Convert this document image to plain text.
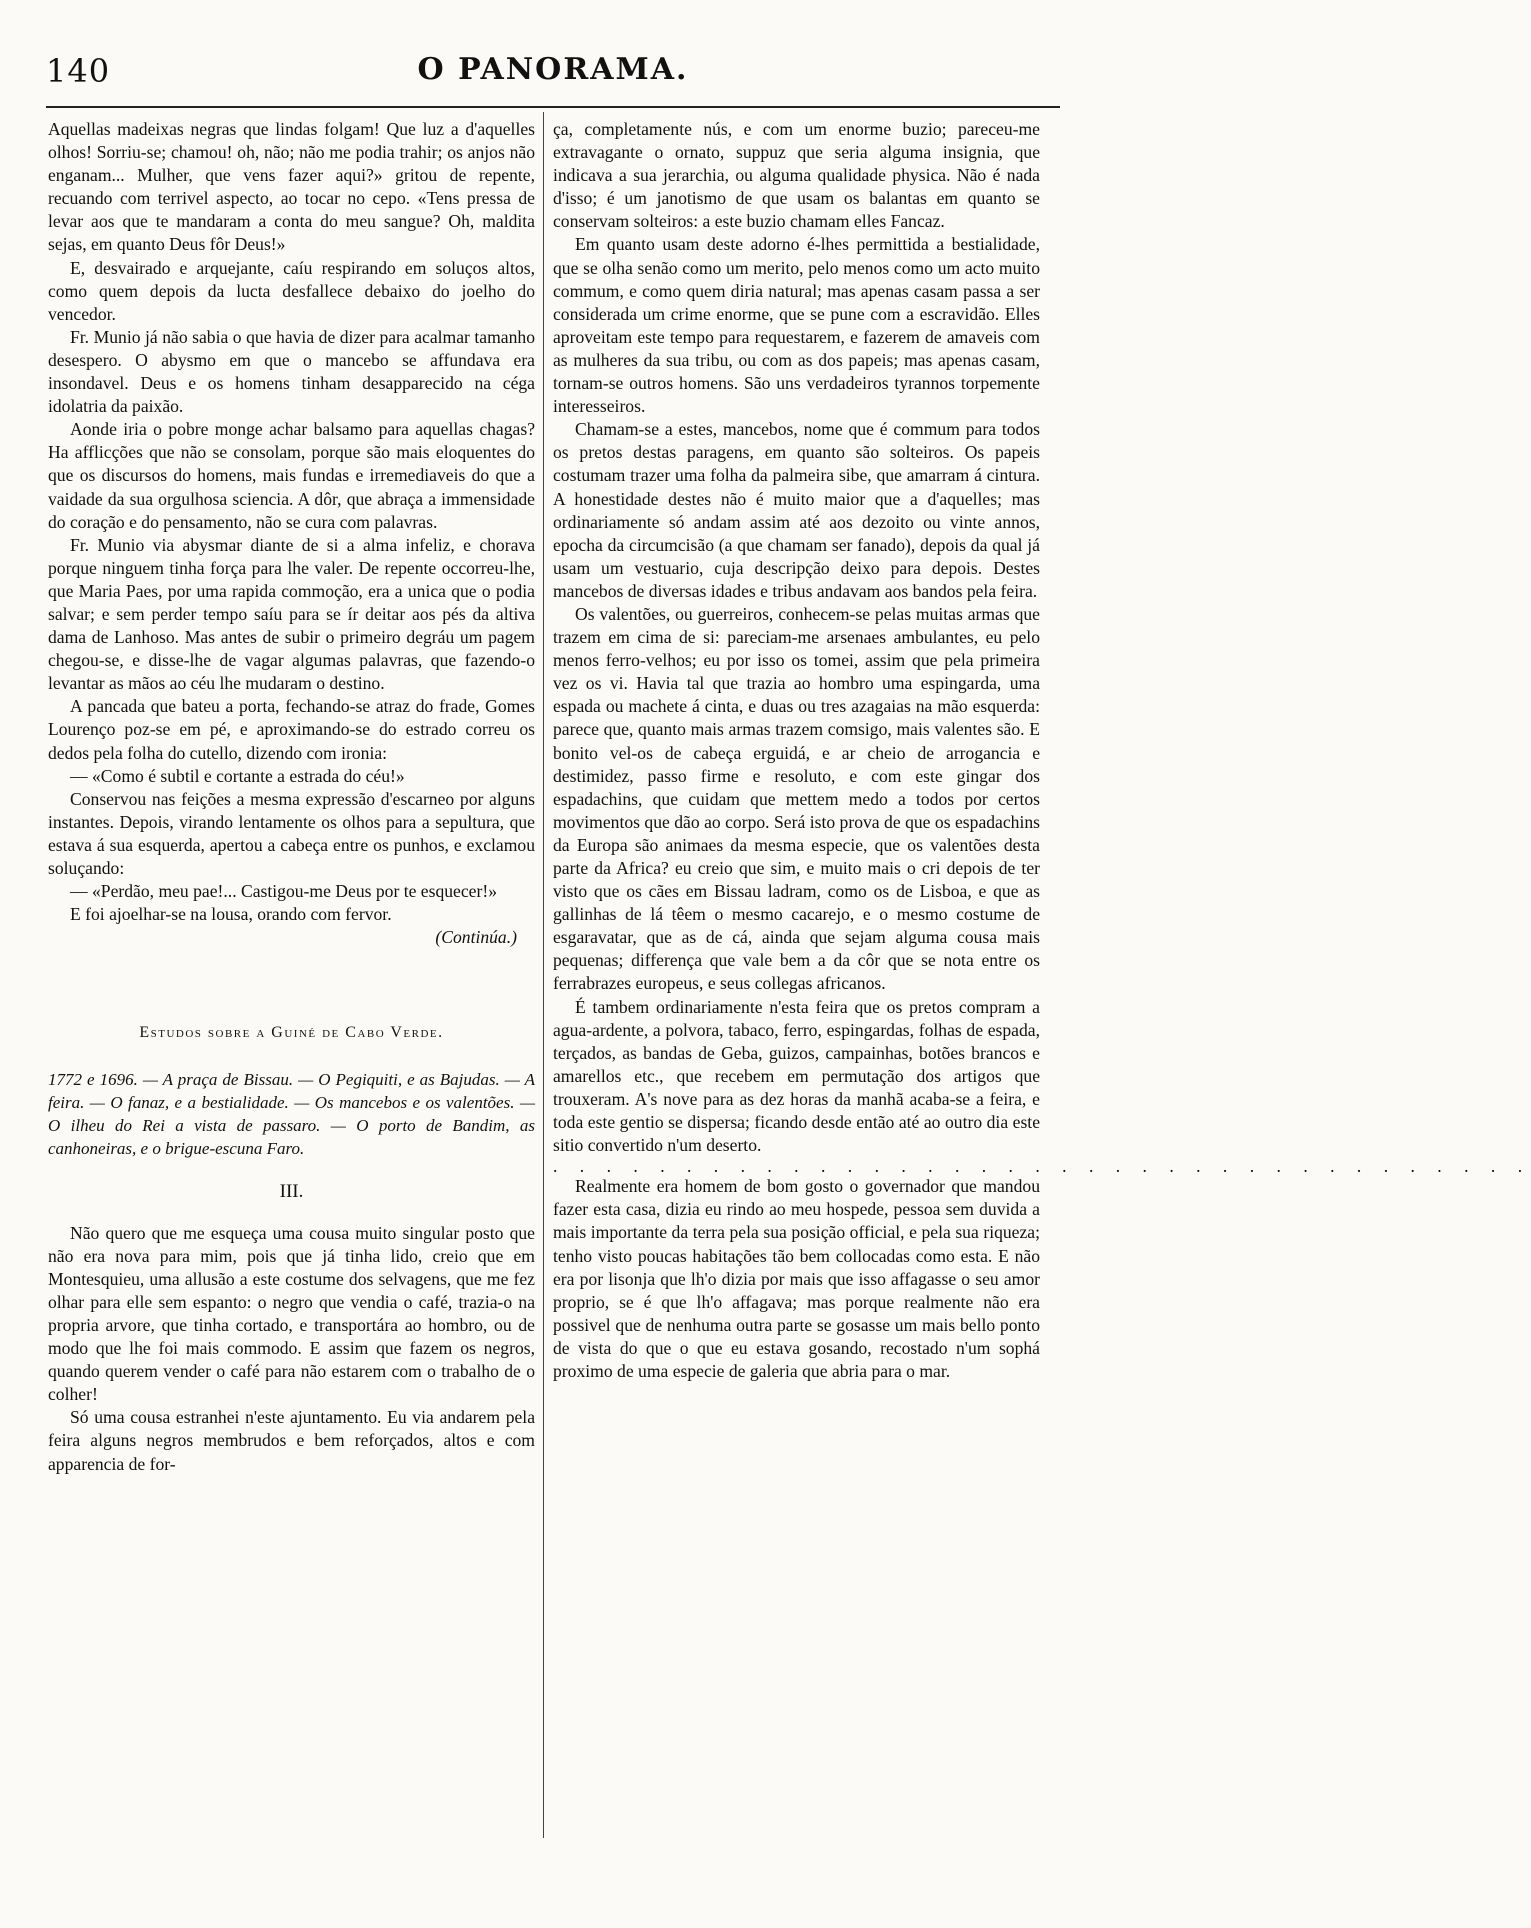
140	O PANORAMA.

Aquellas madeixas negras que lindas folgam! Que luz a d'aquelles olhos! Sorriu-se; chamou! oh, não; não me podia trahir; os anjos não enganam... Mulher, que vens fazer aqui?» gritou de repente, recuando com terrivel aspecto, ao tocar no cepo. «Tens pressa de levar aos que te mandaram a conta do meu sangue? Oh, maldita sejas, em quanto Deus fôr Deus!»

E, desvairado e arquejante, caíu respirando em soluços altos, como quem depois da lucta desfallece debaixo do joelho do vencedor.

Fr. Munio já não sabia o que havia de dizer para acalmar tamanho desespero. O abysmo em que o mancebo se affundava era insondavel. Deus e os homens tinham desapparecido na céga idolatria da paixão.

Aonde iria o pobre monge achar balsamo para aquellas chagas? Ha afflicções que não se consolam, porque são mais eloquentes do que os discursos do homens, mais fundas e irremediaveis do que a vaidade da sua orgulhosa sciencia. A dôr, que abraça a immensidade do coração e do pensamento, não se cura com palavras.

Fr. Munio via abysmar diante de si a alma infeliz, e chorava porque ninguem tinha força para lhe valer. De repente occorreu-lhe, que Maria Paes, por uma rapida commoção, era a unica que o podia salvar; e sem perder tempo saíu para se ír deitar aos pés da altiva dama de Lanhoso. Mas antes de subir o primeiro degráu um pagem chegou-se, e disse-lhe de vagar algumas palavras, que fazendo-o levantar as mãos ao céu lhe mudaram o destino.

A pancada que bateu a porta, fechando-se atraz do frade, Gomes Lourenço poz-se em pé, e aproximando-se do estrado correu os dedos pela folha do cutello, dizendo com ironia:

— «Como é subtil e cortante a estrada do céu!»

Conservou nas feições a mesma expressão d'escarneo por alguns instantes. Depois, virando lentamente os olhos para a sepultura, que estava á sua esquerda, apertou a cabeça entre os punhos, e exclamou soluçando:

— «Perdão, meu pae!... Castigou-me Deus por te esquecer!»

E foi ajoelhar-se na lousa, orando com fervor.

(Continúa.)

Estudos sobre a Guiné de Cabo Verde.

1772 e 1696. — A praça de Bissau. — O Pegiquiti, e as Bajudas. — A feira. — O fanaz, e a bestialidade. — Os mancebos e os valentões. — O ilheu do Rei a vista de passaro. — O porto de Bandim, as canhoneiras, e o brigue-escuna Faro.

III.

Não quero que me esqueça uma cousa muito singular posto que não era nova para mim, pois que já tinha lido, creio que em Montesquieu, uma allusão a este costume dos selvagens, que me fez olhar para elle sem espanto: o negro que vendia o café, trazia-o na propria arvore, que tinha cortado, e transportára ao hombro, ou de modo que lhe foi mais commodo. E assim que fazem os negros, quando querem vender o café para não estarem com o trabalho de o colher!

Só uma cousa estranhei n'este ajuntamento. Eu via andarem pela feira alguns negros membrudos e bem reforçados, altos e com apparencia de for-

ça, completamente nús, e com um enorme buzio; pareceu-me extravagante o ornato, suppuz que seria alguma insignia, que indicava a sua jerarchia, ou alguma qualidade physica. Não é nada d'isso; é um janotismo de que usam os balantas em quanto se conservam solteiros: a este buzio chamam elles Fancaz.

Em quanto usam deste adorno é-lhes permittida a bestialidade, que se olha senão como um merito, pelo menos como um acto muito commum, e como quem diria natural; mas apenas casam passa a ser considerada um crime enorme, que se pune com a escravidão. Elles aproveitam este tempo para requestarem, e fazerem de amaveis com as mulheres da sua tribu, ou com as dos papeis; mas apenas casam, tornam-se outros homens. São uns verdadeiros tyrannos torpemente interesseiros.

Chamam-se a estes, mancebos, nome que é commum para todos os pretos destas paragens, em quanto são solteiros. Os papeis costumam trazer uma folha da palmeira sibe, que amarram á cintura. A honestidade destes não é muito maior que a d'aquelles; mas ordinariamente só andam assim até aos dezoito ou vinte annos, epocha da circumcisão (a que chamam ser fanado), depois da qual já usam um vestuario, cuja descripção deixo para depois. Destes mancebos de diversas idades e tribus andavam aos bandos pela feira.

Os valentões, ou guerreiros, conhecem-se pelas muitas armas que trazem em cima de si: pareciam-me arsenaes ambulantes, eu pelo menos ferro-velhos; eu por isso os tomei, assim que pela primeira vez os vi. Havia tal que trazia ao hombro uma espingarda, uma espada ou machete á cinta, e duas ou tres azagaias na mão esquerda: parece que, quanto mais armas trazem comsigo, mais valentes são. E bonito vel-os de cabeça erguidá, e ar cheio de arrogancia e destimidez, passo firme e resoluto, e com este gingar dos espadachins, que cuidam que mettem medo a todos por certos movimentos que dão ao corpo. Será isto prova de que os espadachins da Europa são animaes da mesma especie, que os valentões desta parte da Africa? eu creio que sim, e muito mais o cri depois de ter visto que os cães em Bissau ladram, como os de Lisboa, e que as gallinhas de lá têem o mesmo cacarejo, e o mesmo costume de esgaravatar, que as de cá, ainda que sejam alguma cousa mais pequenas; differença que vale bem a da côr que se nota entre os ferrabrazes europeus, e seus collegas africanos.

É tambem ordinariamente n'esta feira que os pretos compram a agua-ardente, a polvora, tabaco, ferro, espingardas, folhas de espada, terçados, as bandas de Geba, guizos, campainhas, botões brancos e amarellos etc., que recebem em permutação dos artigos que trouxeram. A's nove para as dez horas da manhã acaba-se a feira, e toda este gentio se dispersa; ficando desde então até ao outro dia este sitio convertido n'um deserto.

. . . . . . . . . . . . . . . . . . . . . . . . . . . . . . . . . . . . .

Realmente era homem de bom gosto o governador que mandou fazer esta casa, dizia eu rindo ao meu hospede, pessoa sem duvida a mais importante da terra pela sua posição official, e pela sua riqueza; tenho visto poucas habitações tão bem collocadas como esta. E não era por lisonja que lh'o dizia por mais que isso affagasse o seu amor proprio, se é que lh'o affagava; mas porque realmente não era possivel que de nenhuma outra parte se gosasse um mais bello ponto de vista do que o que eu estava gosando, recostado n'um sophá proximo de uma especie de galeria que abria para o mar.
